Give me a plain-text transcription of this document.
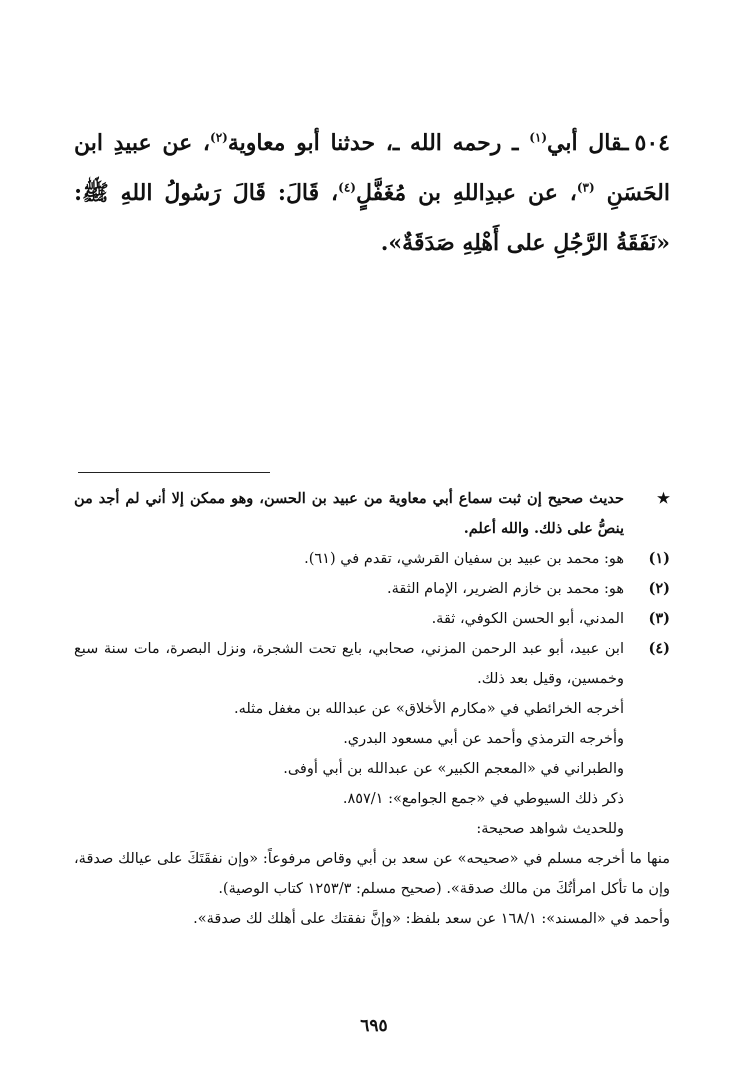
٥٠٤ـقال أبي$^{(١)}$ ـ رحمه الله ـ، حدثنا أبو معاوية$^{(٢)}$، عن عبيدِ ابن الحَسَنِ $^{(٣)}$، عن عبدِاللهِ بن مُغَفَّلٍ$^{(٤)}$، قَالَ: قَالَ رَسُولُ اللهِ ﷺ: «نَفَقَةُ الرَّجُلِ على أَهْلِهِ صَدَقَةٌ».
★
حديث صحيح إن ثبت سماع أبي معاوية من عبيد بن الحسن، وهو ممكن إلا أني لم أجد من ينصُّ على ذلك. والله أعلم.
(١)
هو: محمد بن عبيد بن سفيان القرشي، تقدم في (٦١).
(٢)
هو: محمد بن خازم الضرير، الإمام الثقة.
(٣)
المدني، أبو الحسن الكوفي، ثقة.
(٤)
ابن عبيد، أبو عبد الرحمن المزني، صحابي، بايع تحت الشجرة، ونزل البصرة، مات سنة سبع وخمسين، وقيل بعد ذلك.
أخرجه الخرائطي في «مكارم الأخلاق» عن عبدالله بن مغفل مثله.
وأخرجه الترمذي وأحمد عن أبي مسعود البدري.
والطبراني في «المعجم الكبير» عن عبدالله بن أبي أوفى.
ذكر ذلك السيوطي في «جمع الجوامع»: ٨٥٧/١.
وللحديث شواهد صحيحة:
منها ما أخرجه مسلم في «صحيحه» عن سعد بن أبي وقاص مرفوعاً: «وإن نفقَتَكَ على عيالك صدقة، وإن ما تأكل امرأتُكَ من مالك صدقة». (صحيح مسلم: ١٢٥٣/٣ كتاب الوصية).
وأحمد في «المسند»: ١٦٨/١ عن سعد بلفظ: «وإنَّ نفقتك على أهلك لك صدقة».
٦٩٥
